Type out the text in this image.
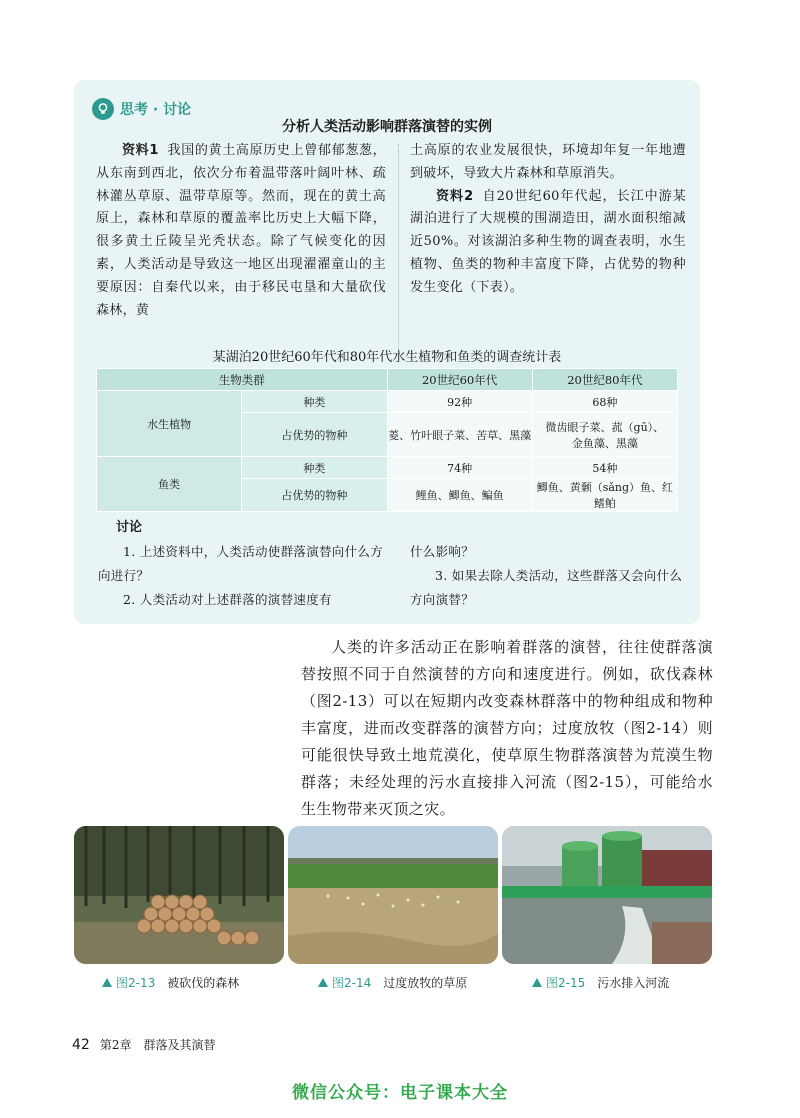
思考 · 讨论
分析人类活动影响群落演替的实例

资料1 我国的黄土高原历史上曾郁郁葱葱，从东南到西北，依次分布着温带落叶阔叶林、疏林灌丛草原、温带草原等。然而，现在的黄土高原上，森林和草原的覆盖率比历史上大幅下降，很多黄土丘陵呈光秃状态。除了气候变化的因素，人类活动是导致这一地区出现濯濯童山的主要原因：自秦代以来，由于移民屯垦和大量砍伐森林，黄

土高原的农业发展很快，环境却年复一年地遭到破坏，导致大片森林和草原消失。

资料2 自20世纪60年代起，长江中游某湖泊进行了大规模的围湖造田，湖水面积缩减近50%。对该湖泊多种生物的调查表明，水生植物、鱼类的物种丰富度下降，占优势的物种发生变化（下表）。

某湖泊20世纪60年代和80年代水生植物和鱼类的调查统计表
生物类群		20世纪60年代	20世纪80年代
水生植物	种类	92种	68种
	占优势的物种	菱、竹叶眼子菜、苦草、黑藻	微齿眼子菜、菰（gū）、
金鱼藻、黑藻

鱼类	种类	74种	54种
	占优势的物种	鲤鱼、鲫鱼、鳊鱼	鲫鱼、黄颡（sǎng）鱼、红鳍鲌
讨论

1. 上述资料中，人类活动使群落演替向什么方向进行？

2. 人类活动对上述群落的演替速度有

什么影响？

3. 如果去除人类活动，这些群落又会向什么方向演替？

人类的许多活动正在影响着群落的演替，往往使群落演替按照不同于自然演替的方向和速度进行。例如，砍伐森林（图2-13）可以在短期内改变森林群落中的物种组成和物种丰富度，进而改变群落的演替方向；过度放牧（图2-14）则可能很快导致土地荒漠化，使草原生物群落演替为荒漠生物群落；未经处理的污水直接排入河流（图2-15），可能给水生生物带来灭顶之灾。

图2-13 被砍伐的森林	图2-14 过度放牧的草原	图2-15 污水排入河流
42 第2章 群落及其演替
微信公众号：电子课本大全
